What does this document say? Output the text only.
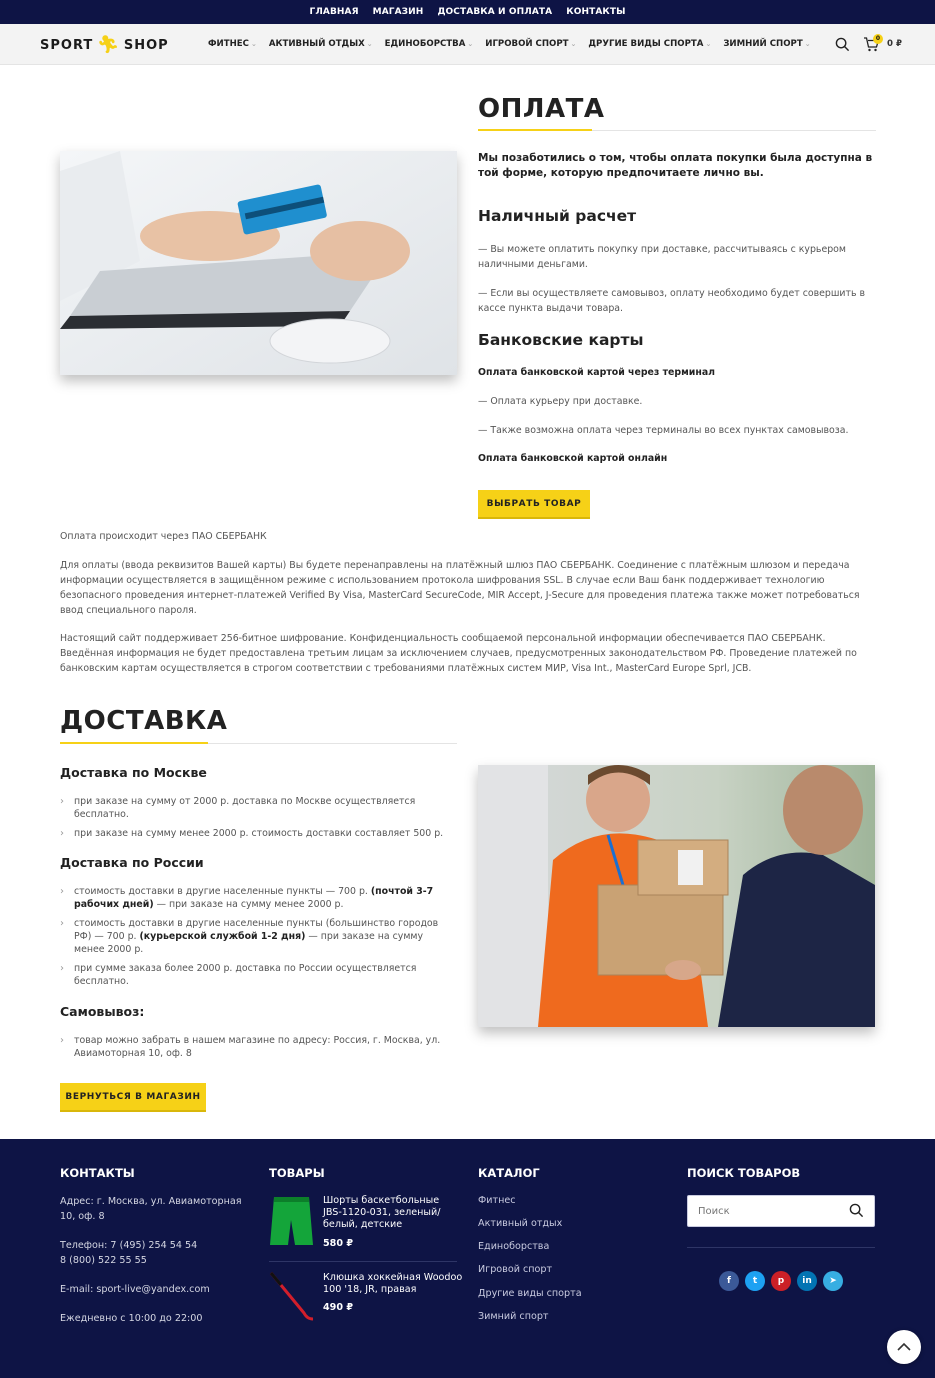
ГЛАВНАЯ МАГАЗИН ДОСТАВКА И ОПЛАТА КОНТАКТЫ
SPORT 🏃︎ SHOP	ФИТНЕС ⌄ АКТИВНЫЙ ОТДЫХ ⌄ ЕДИНОБОРСТВА ⌄ ИГРОВОЙ СПОРТ ⌄ ДРУГИЕ ВИДЫ СПОРТА ⌄ ЗИМНИЙ СПОРТ ⌄
0
0 ₽
ОПЛАТА
Мы позаботились о том, чтобы оплата покупки была доступна в той форме, которую предпочитаете лично вы.
Наличный расчет
— Вы можете оплатить покупку при доставке, рассчитываясь с курьером наличными деньгами.
— Если вы осуществляете самовывоз, оплату необходимо будет совершить в кассе пункта выдачи товара.
Банковские карты
Оплата банковской картой через терминал
— Оплата курьеру при доставке.
— Также возможна оплата через терминалы во всех пунктах самовывоза.
Оплата банковской картой онлайн
ВЫБРАТЬ ТОВАР
Оплата происходит через ПАО СБЕРБАНК
Для оплаты (ввода реквизитов Вашей карты) Вы будете перенаправлены на платёжный шлюз ПАО СБЕРБАНК. Соединение с платёжным шлюзом и передача информации осуществляется в защищённом режиме с использованием протокола шифрования SSL. В случае если Ваш банк поддерживает технологию безопасного проведения интернет-платежей Verified By Visa, MasterCard SecureCode, MIR Accept, J-Secure для проведения платежа также может потребоваться ввод специального пароля.
Настоящий сайт поддерживает 256-битное шифрование. Конфиденциальность сообщаемой персональной информации обеспечивается ПАО СБЕРБАНК. Введённая информация не будет предоставлена третьим лицам за исключением случаев, предусмотренных законодательством РФ. Проведение платежей по банковским картам осуществляется в строгом соответствии с требованиями платёжных систем МИР, Visa Int., MasterCard Europe Sprl, JCB.
ДОСТАВКА
Доставка по Москве
› при заказе на сумму от 2000 р. доставка по Москве осуществляется бесплатно.
› при заказе на сумму менее 2000 р. стоимость доставки составляет 500 р.
Доставка по России
› стоимость доставки в другие населенные пункты — 700 р. (почтой 3-7 рабочих дней) — при заказе на сумму менее 2000 р.
› стоимость доставки в другие населенные пункты (большинство городов РФ) — 700 р. (курьерской службой 1-2 дня) — при заказе на сумму менее 2000 р.
› при сумме заказа более 2000 р. доставка по России осуществляется бесплатно.
Самовывоз:
› товар можно забрать в нашем магазине по адресу: Россия, г. Москва, ул. Авиамоторная 10, оф. 8
ВЕРНУТЬСЯ В МАГАЗИН
КОНТАКТЫ
Адрес: г. Москва, ул. Авиамоторная 10, оф. 8
Телефон: 7 (495) 254 54 54
8 (800) 522 55 55
E-mail: sport-live@yandex.com
Ежедневно с 10:00 до 22:00
ТОВАРЫ
Шорты баскетбольные JBS-1120-031, зеленый/белый, детские
580 ₽
Клюшка хоккейная Woodoo 100 '18, JR, правая
490 ₽
КАТАЛОГ
Фитнес
Активный отдых
Единоборства
Игровой спорт
Другие виды спорта
Зимний спорт
ПОИСК ТОВАРОВ
Поиск
f	t	p	in	➤
